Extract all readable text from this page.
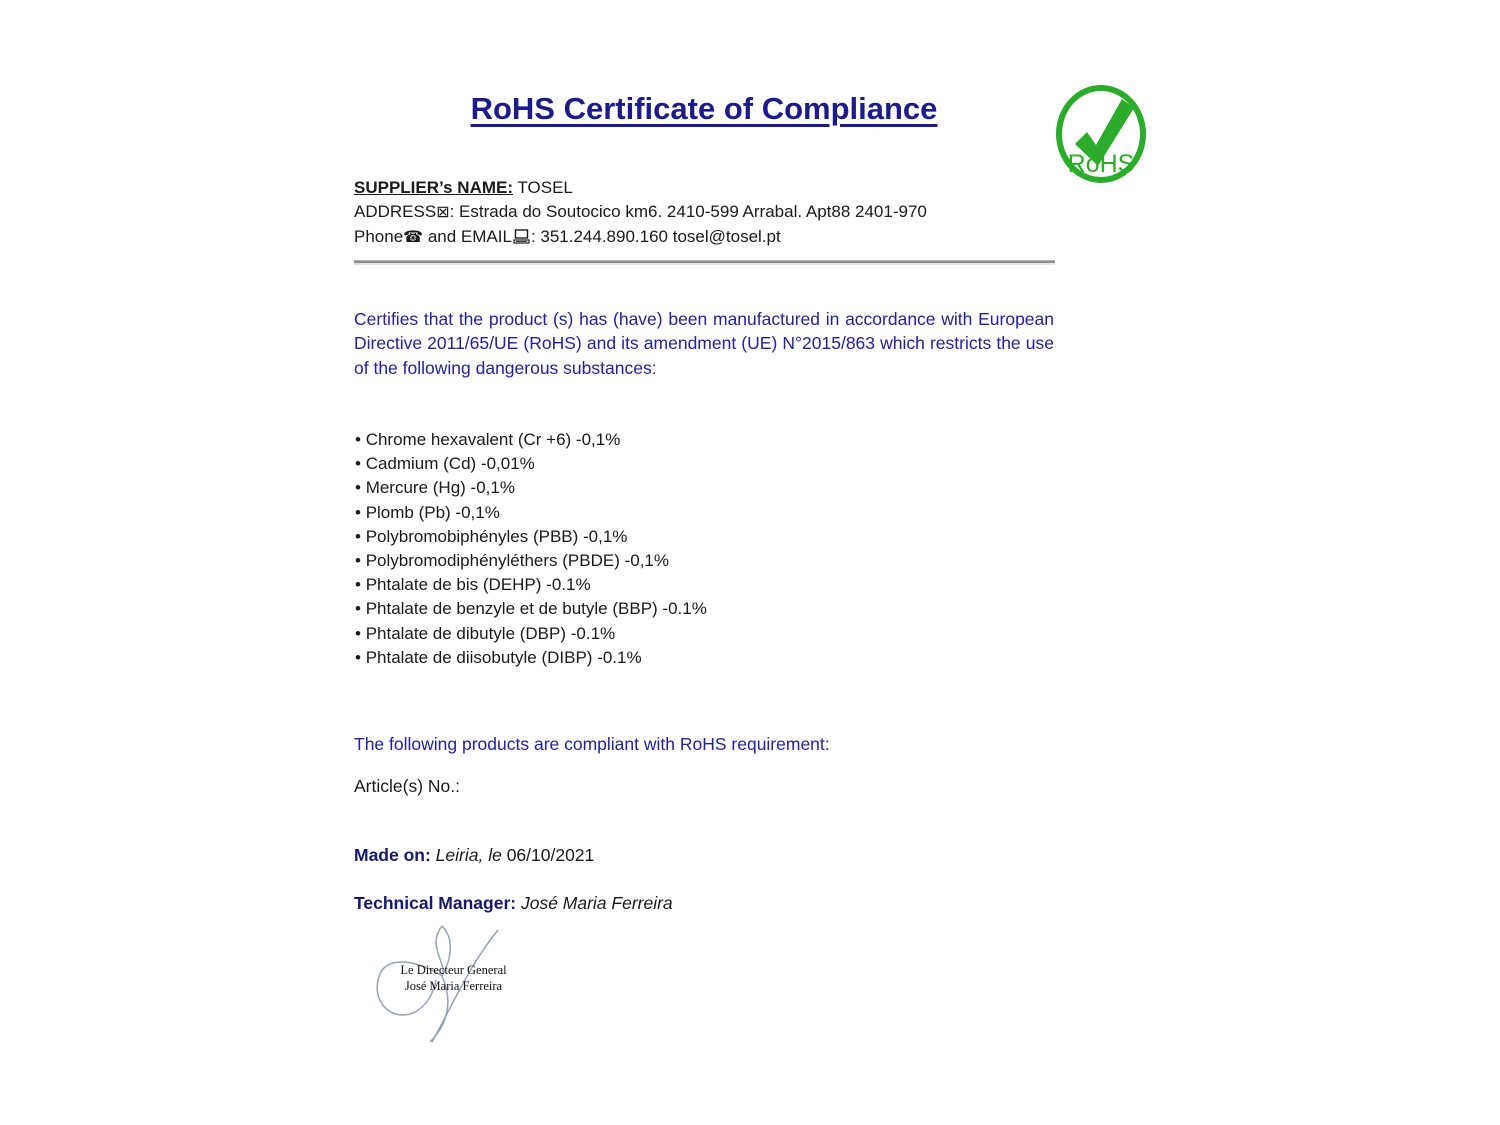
RoHS Certificate of Compliance
RoHS
SUPPLIER’s NAME: TOSEL
ADDRESS⊠: Estrada do Soutocico km6. 2410-599 Arrabal. Apt88 2401-970
Phone☎ and EMAIL : 351.244.890.160 tosel@tosel.pt
Certifies that the product (s) has (have) been manufactured in accordance with European Directive 2011/65/UE (RoHS) and its amendment (UE) N°2015/863 which restricts the use of the following dangerous substances:
• Chrome hexavalent (Cr +6) -0,1%
• Cadmium (Cd) -0,01%
• Mercure (Hg) -0,1%
• Plomb (Pb) -0,1%
• Polybromobiphényles (PBB) -0,1%
• Polybromodiphényléthers (PBDE) -0,1%
• Phtalate de bis (DEHP) -0.1%
• Phtalate de benzyle et de butyle (BBP) -0.1%
• Phtalate de dibutyle (DBP) -0.1%
• Phtalate de diisobutyle (DIBP) -0.1%
The following products are compliant with RoHS requirement:
Article(s) No.:
Made on: Leiria, le 06/10/2021
Technical Manager: José Maria Ferreira
Le Directeur General
José Maria Ferreira
